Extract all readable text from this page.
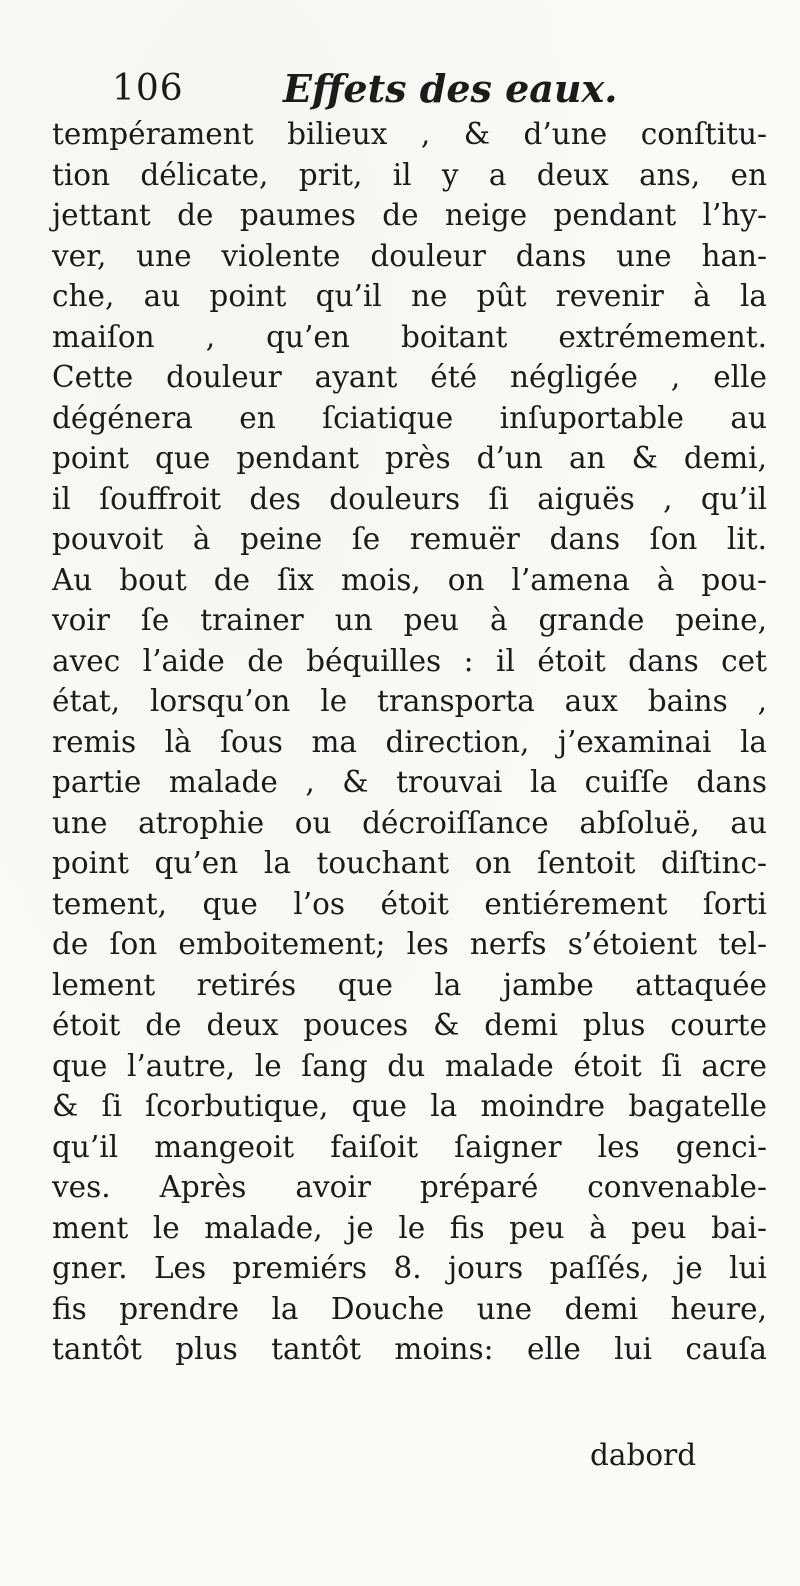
106	Effets des eaux.
tempérament bilieux , & d’une conſtitu-
tion délicate, prit, il y a deux ans, en
jettant de paumes de neige pendant l’hy-
ver, une violente douleur dans une han-
che, au point qu’il ne pût revenir à la
maiſon , qu’en boitant extrémement.
Cette douleur ayant été négligée , elle
dégénera en ſciatique inſuportable au
point que pendant près d’un an & demi,
il ſouffroit des douleurs ſi aiguës , qu’il
pouvoit à peine ſe remuër dans ſon lit.
Au bout de ſix mois, on l’amena à pou-
voir ſe trainer un peu à grande peine,
avec l’aide de béquilles : il étoit dans cet
état, lorsqu’on le transporta aux bains ,
remis là ſous ma direction, j’examinai la
partie malade , & trouvai la cuiſſe dans
une atrophie ou décroiſſance abſoluë, au
point qu’en la touchant on ſentoit diſtinc-
tement, que l’os étoit entiérement ſorti
de ſon emboitement; les nerfs s’étoient tel-
lement retirés que la jambe attaquée
étoit de deux pouces & demi plus courte
que l’autre, le ſang du malade étoit ſi acre
& ſi ſcorbutique, que la moindre bagatelle
qu’il mangeoit faiſoit ſaigner les genci-
ves. Après avoir préparé convenable-
ment le malade, je le fis peu à peu bai-
gner. Les premiérs 8. jours paſſés, je lui
fis prendre la Douche une demi heure,
tantôt plus tantôt moins: elle lui cauſa
dabord
